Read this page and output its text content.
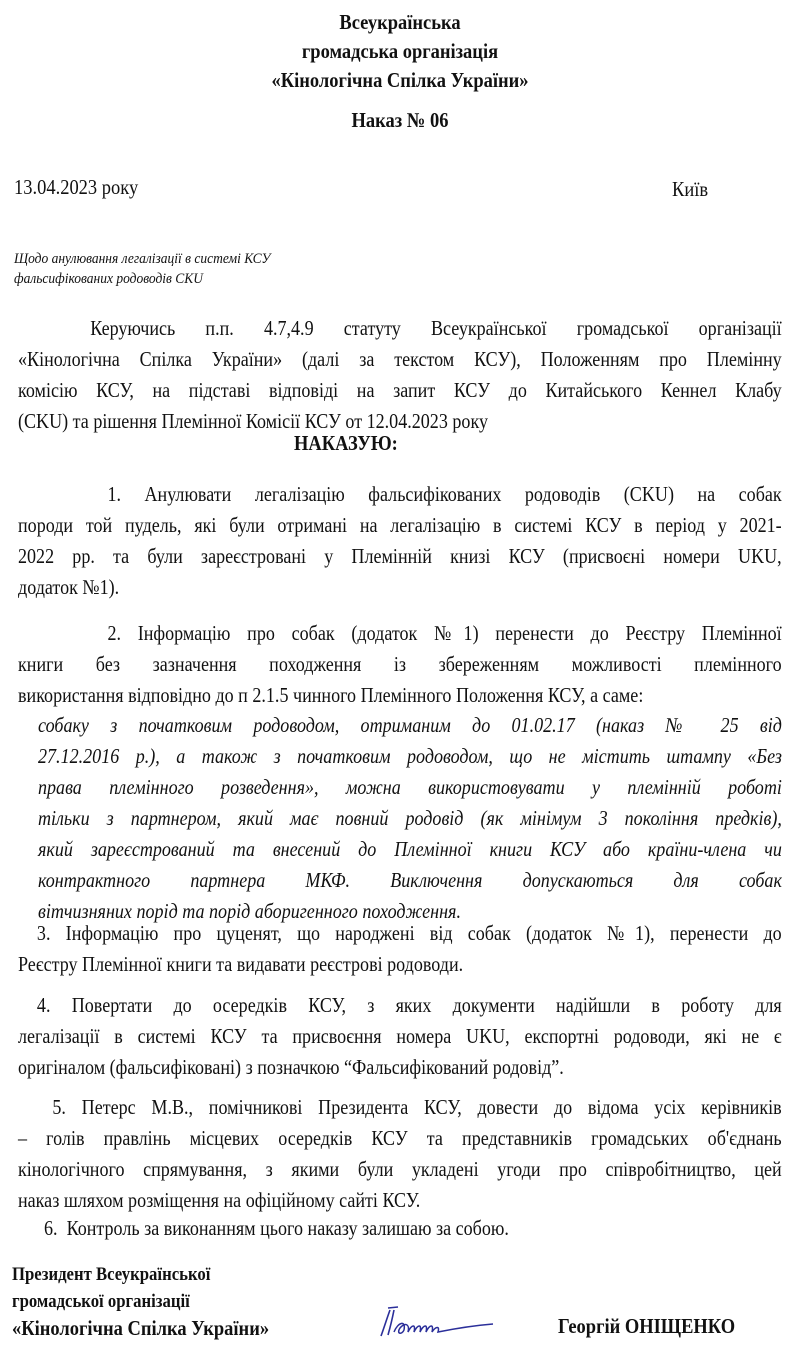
Всеукраїнська
громадська організація
«Кінологічна Спілка України»
Наказ № 06
13.04.2023 року	Київ
Щодо анулювання легалізації в системі КСУ
фальсифікованих родоводів CKU
Керуючись п.п. 4.7,4.9 статуту Всеукраїнської громадської організації
«Кінологічна Спілка України» (далі за текстом КСУ), Положенням про Племінну
комісію КСУ, на підставі відповіді на запит КСУ до Китайського Кеннел Клабу
(CKU) та рішення Племінної Комісії КСУ от 12.04.2023 року
НАКАЗУЮ:
1. Анулювати легалізацію фальсифікованих родоводів (CKU) на собак
породи той пудель, які були отримані на легалізацію в системі КСУ в період у 2021-
2022 рр. та були зареєстровані у Племінній книзі КСУ (присвоєні номери UKU,
додаток №1).
2. Інформацію про собак (додаток №1) перенести до Реєстру Племінної
книги без зазначення походження із збереженням можливості племінного
використання відповідно до п 2.1.5 чинного Племінного Положення КСУ, а саме:
собаку з початковим родоводом, отриманим до 01.02.17 (наказ № 25 від
27.12.2016 р.), а також з початковим родоводом, що не містить штампу «Без
права племінного розведення», можна використовувати у племінній роботі
тільки з партнером, який має повний родовід (як мінімум 3 покоління предків),
який зареєстрований та внесений до Племінної книги КСУ або країни-члена чи
контрактного партнера МКФ. Виключення допускаються для собак
вітчизняних порід та порід аборигенного походження.
3. Інформацію про цуценят, що народжені від собак (додаток №1), перенести до
Реєстру Племінної книги та видавати реєстрові родоводи.
4. Повертати до осередків КСУ, з яких документи надійшли в роботу для
легалізації в системі КСУ та присвоєння номера UKU, експортні родоводи, які не є
оригіналом (фальсифіковані) з позначкою “Фальсифікований родовід”.
5. Петерс М.В., помічникові Президента КСУ, довести до відома усіх керівників
– голів правлінь місцевих осередків КСУ та представників громадських об'єднань
кінологічного спрямування, з якими були укладені угоди про співробітництво, цей
наказ шляхом розміщення на офіційному сайті КСУ.
6.  Контроль за виконанням цього наказу залишаю за собою.
Президент Всеукраїнської
громадської організації
«Кінологічна Спілка України»	Георгій ОНІЩЕНКО
